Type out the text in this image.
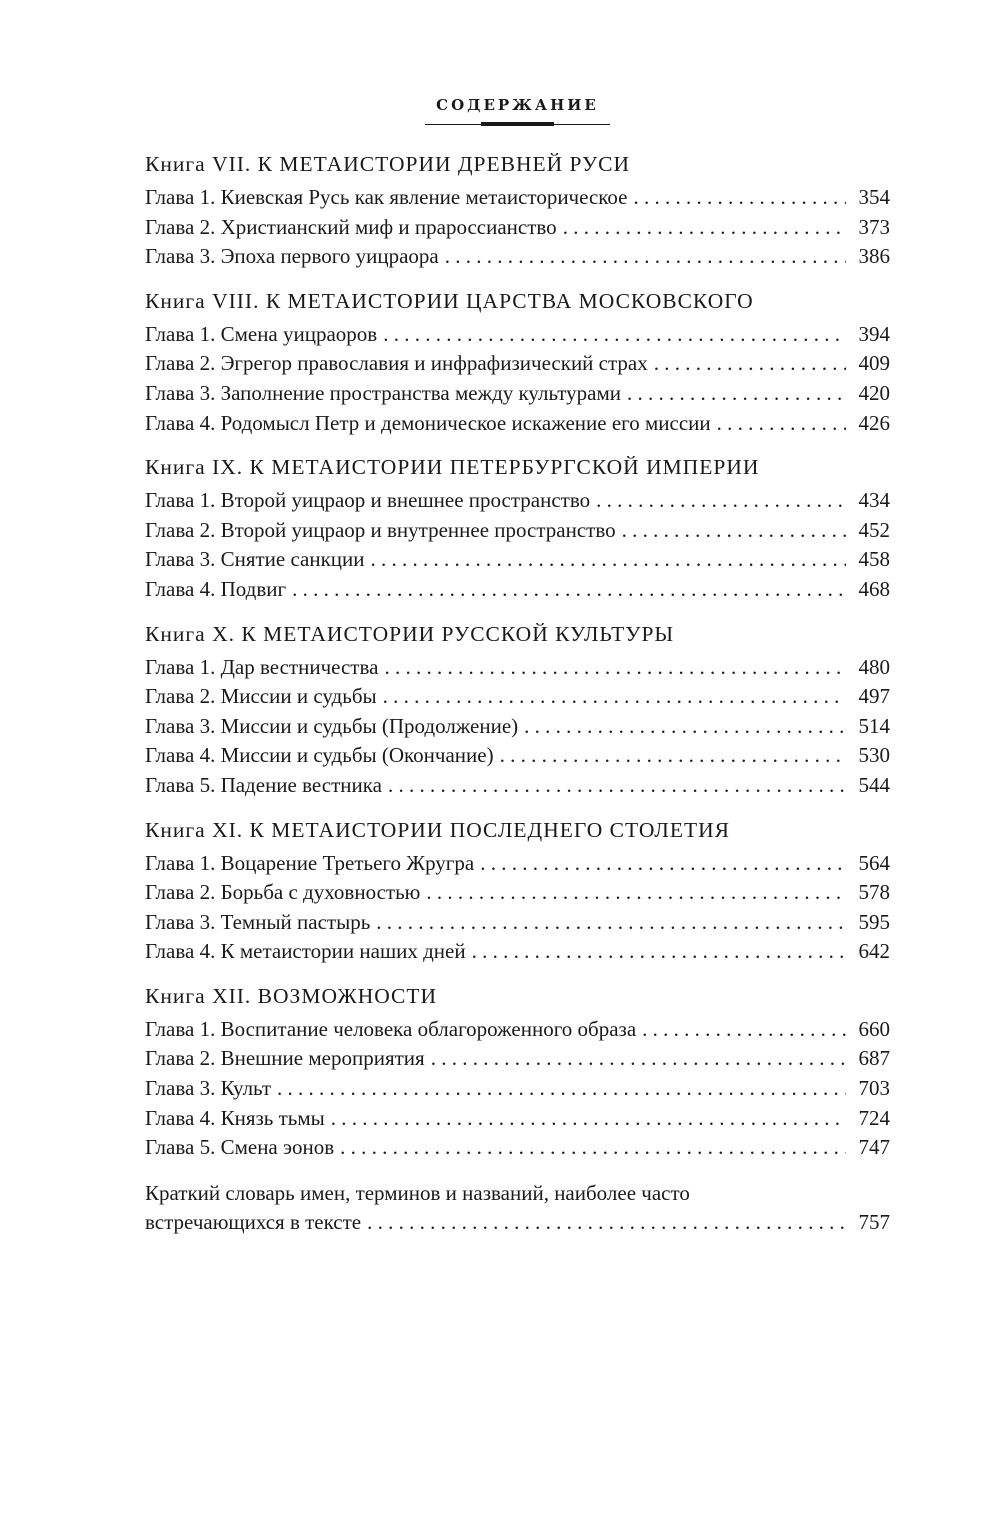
СОДЕРЖАНИЕ
Книга VII. К МЕТАИСТОРИИ ДРЕВНЕЙ РУСИ
Глава 1. Киевская Русь как явление метаисторическое . . .	354
Глава 2. Христианский миф и прароссианство . . .	373
Глава 3. Эпоха первого уицраора . . .	386
Книга VIII. К МЕТАИСТОРИИ ЦАРСТВА МОСКОВСКОГО
Глава 1. Смена уицраоров . . .	394
Глава 2. Эгрегор православия и инфрафизический страх . . .	409
Глава 3. Заполнение пространства между культурами . . .	420
Глава 4. Родомысл Петр и демоническое искажение его миссии . . .	426
Книга IX. К МЕТАИСТОРИИ ПЕТЕРБУРГСКОЙ ИМПЕРИИ
Глава 1. Второй уицраор и внешнее пространство . . .	434
Глава 2. Второй уицраор и внутреннее пространство . . .	452
Глава 3. Снятие санкции . . .	458
Глава 4. Подвиг . . .	468
Книга X. К МЕТАИСТОРИИ РУССКОЙ КУЛЬТУРЫ
Глава 1. Дар вестничества . . .	480
Глава 2. Миссии и судьбы . . .	497
Глава 3. Миссии и судьбы (Продолжение) . . .	514
Глава 4. Миссии и судьбы (Окончание) . . .	530
Глава 5. Падение вестника . . .	544
Книга XI. К МЕТАИСТОРИИ ПОСЛЕДНЕГО СТОЛЕТИЯ
Глава 1. Воцарение Третьего Жругра . . .	564
Глава 2. Борьба с духовностью . . .	578
Глава 3. Темный пастырь . . .	595
Глава 4. К метаистории наших дней . . .	642
Книга XII. ВОЗМОЖНОСТИ
Глава 1. Воспитание человека облагороженного образа . . .	660
Глава 2. Внешние мероприятия . . .	687
Глава 3. Культ . . .	703
Глава 4. Князь тьмы . . .	724
Глава 5. Смена эонов . . .	747
Краткий словарь имен, терминов и названий, наиболее часто
встречающихся в тексте . . .	757
